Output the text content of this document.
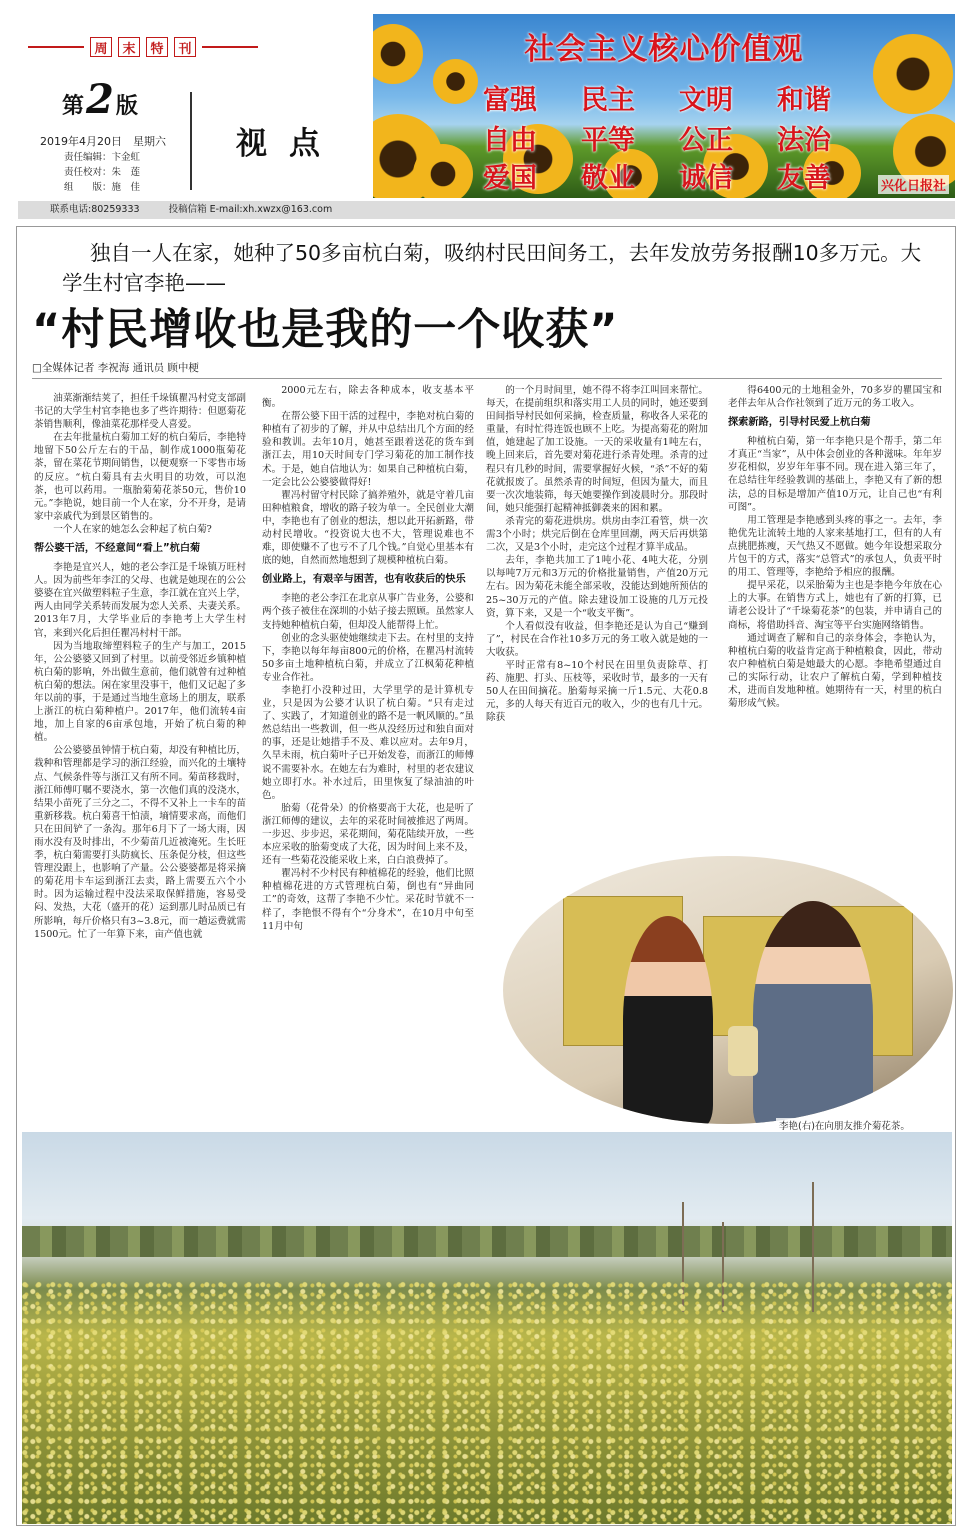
周	末	特	刊
第 2 版
2019年4月20日　星期六
责任编辑：卞金虹
责任校对：朱　莲
组　　版：施　佳
视点
社会主义核心价值观
富强 民主 文明 和谐
自由 平等 公正 法治
爱国 敬业 诚信 友善	兴化日报社
联系电话:80259333	投稿信箱 E-mail:xh.xwzx@163.com
独自一人在家，她种了50多亩杭白菊，吸纳村民田间务工，去年发放劳务报酬10多万元。大学生村官李艳——
“村民增收也是我的一个收获”
□全媒体记者 李祝海 通讯员 顾中梗

油菜渐渐结荚了，担任千垛镇瞿冯村党支部副书记的大学生村官李艳也多了些许期待：但愿菊花茶销售顺利，像油菜花那样受人喜爱。

在去年批量杭白菊加工好的杭白菊后，李艳特地留下50公斤左右的干品，制作成1000瓶菊花茶，留在菜花节期间销售，以便观察一下零售市场的反应。“杭白菊具有去火明目的功效，可以泡茶，也可以药用。一瓶胎菊菊花茶50元，售价10元。”李艳说，她目前一个人在家，分不开身，是请家中亲戚代为到景区销售的。

一个人在家的她怎么会种起了杭白菊?

帮公婆干活，不经意间“看上”杭白菊

李艳是宜兴人，她的老公李江是千垛镇万旺村人。因为前些年李江的父母、也就是她现在的公公婆婆在宜兴做塑料粒子生意，李江就在宜兴上学，两人由同学关系转而发展为恋人关系、夫妻关系。2013年7月，大学毕业后的李艳考上大学生村官，来到兴化后担任瞿冯村村干部。

因为当地取缔塑料粒子的生产与加工，2015年，公公婆婆又回到了村里。以前受邻近乡镇种植杭白菊的影响，外出做生意前，他们就曾有过种植杭白菊的想法。闲在家里没事干，他们又记起了多年以前的事，于是通过当地生意场上的朋友，联系上浙江的杭白菊种植户。2017年，他们流转4亩地，加上自家的6亩承包地，开始了杭白菊的种植。

公公婆婆虽钟情于杭白菊，却没有种植比历，栽种和管理都是学习的浙江经验，而兴化的土壤特点、气候条件等与浙江又有所不同。菊苗移栽时，浙江师傅叮嘱不要浇水，第一次他们真的没浇水，结果小苗死了三分之二，不得不又补上一卡车的苗重新移栽。杭白菊喜干怕渍，墒情要求高，而他们只在田间铲了一条沟。那年6月下了一场大雨，因雨水没有及时排出，不少菊苗几近被淹死。生长旺季，杭白菊需要打头防疯长、压条促分枝，但这些管理没跟上，也影响了产量。公公婆婆都是将采摘的菊花用卡车运到浙江去卖，路上需要五六个小时。因为运输过程中没法采取保鲜措施，容易受闷、发热，大花（盛开的花）运到那儿时品质已有所影响，每斤价格只有3~3.8元，而一趟运费就需1500元。忙了一年算下来，亩产值也就

2000元左右，除去各种成本，收支基本平衡。

在帮公婆下田干活的过程中，李艳对杭白菊的种植有了初步的了解，并从中总结出几个方面的经验和教训。去年10月，她甚至跟着送花的货车到浙江去，用10天时间专门学习菊花的加工制作技术。于是，她自信地认为：如果自己种植杭白菊，一定会比公公婆婆做得好!

瞿冯村留守村民除了搞养殖外，就是守着几亩田种植粮食，增收的路子较为单一。全民创业大潮中，李艳也有了创业的想法，想以此开拓新路，带动村民增收。“投资说大也不大，管理说难也不难，即使赚不了也亏不了几个钱。”自觉心里基本有底的她，自然而然地想到了规模种植杭白菊。

创业路上，有艰辛与困苦，也有收获后的快乐

李艳的老公李江在北京从事广告业务，公婆和两个孩子被住在深圳的小姑子接去照顾。虽然家人支持她种植杭白菊，但却没人能帮得上忙。

创业的念头驱使她继续走下去。在村里的支持下，李艳以每年每亩800元的价格，在瞿冯村流转50多亩土地种植杭白菊，并成立了江枫菊花种植专业合作社。

李艳打小没种过田，大学里学的是计算机专业，只是因为公婆才认识了杭白菊。“只有走过了、实践了，才知道创业的路不是一帆风顺的。”虽然总结出一些教训，但一些从没经历过和独自面对的事，还是让她措手不及、难以应对。去年9月，久旱未雨，杭白菊叶子已开始发卷，而浙江的师傅说不需要补水。在她左右为难时，村里的老农建议她立即打水。补水过后，田里恢复了绿油油的叶色。

胎菊（花骨朵）的价格要高于大花，也是听了浙江师傅的建议，去年的采花时间被推迟了两周。一步迟、步步迟，采花期间，菊花陆续开放，一些本应采收的胎菊变成了大花，因为时间上来不及，还有一些菊花没能采收上来，白白浪费掉了。

瞿冯村不少村民有种植棉花的经验，他们比照种植棉花进的方式管理杭白菊，倒也有“异曲同工”的奇效，这帮了李艳不少忙。采花时节就不一样了，李艳恨不得有个“分身术”，在10月中旬至11月中旬

的一个月时间里，她不得不将李江叫回来帮忙。每天，在提前组织和落实用工人员的同时，她还要到田间指导村民如何采摘，检查质量，称收各人采花的重量，有时忙得连饭也顾不上吃。为提高菊花的附加值，她建起了加工设施。一天的采收量有1吨左右，晚上回来后，首先要对菊花进行杀青处理。杀青的过程只有几秒的时间，需要掌握好火候，“杀”不好的菊花就报废了。虽然杀青的时间短，但因为量大，而且要一次次地装筛，每天她要操作到凌晨时分。那段时间，她只能强打起精神抵御袭来的困和累。

杀青完的菊花进烘房。烘房由李江看管，烘一次需3个小时；烘完后倒在仓库里回潮，两天后再烘第二次，又是3个小时，走完这个过程才算半成品。

去年，李艳共加工了1吨小花、4吨大花，分别以每吨7万元和3万元的价格批量销售，产值20万元左右。因为菊花未能全部采收，没能达到她所预估的25~30万元的产值。除去建设加工设施的几万元投资，算下来，又是一个“收支平衡”。

个人看似没有收益，但李艳还是认为自己“赚到了”，村民在合作社10多万元的务工收入就是她的一大收获。

平时正常有8~10个村民在田里负责除草、打药、施肥、打头、压枝等，采收时节，最多的一天有50人在田间摘花。胎菊每采摘一斤1.5元、大花0.8元，多的人每天有近百元的收入，少的也有几十元。除获

得6400元的土地租金外，70多岁的瞿国宝和老伴去年从合作社领到了近万元的务工收入。

探索新路，引导村民爱上杭白菊

种植杭白菊，第一年李艳只是个帮手，第二年才真正“当家”，从中体会创业的各种滋味。年年岁岁花相似，岁岁年年事不同。现在进入第三年了，在总结往年经验教训的基础上，李艳又有了新的想法，总的目标是增加产值10万元，让自己也“有利可图”。

用工管理是李艳感到头疼的事之一。去年，李艳优先让流转土地的人家来基地打工，但有的人有点挑肥拣瘦，天气热又不愿做。她今年设想采取分片包干的方式，落实“总管式”的承包人，负责平时的用工、管理等，李艳给予相应的报酬。

提早采花，以采胎菊为主也是李艳今年放在心上的大事。在销售方式上，她也有了新的打算，已请老公设计了“千垛菊花茶”的包装，并申请自己的商标，将借助抖音、淘宝等平台实施网络销售。

通过调查了解和自己的亲身体会，李艳认为，种植杭白菊的收益肯定高于种植粮食，因此，带动农户种植杭白菊是她最大的心愿。李艳希望通过自己的实际行动，让农户了解杭白菊，学到种植技术，进而自发地种植。她期待有一天，村里的杭白菊形成气候。

李艳(右)在向朋友推介菊花茶。
